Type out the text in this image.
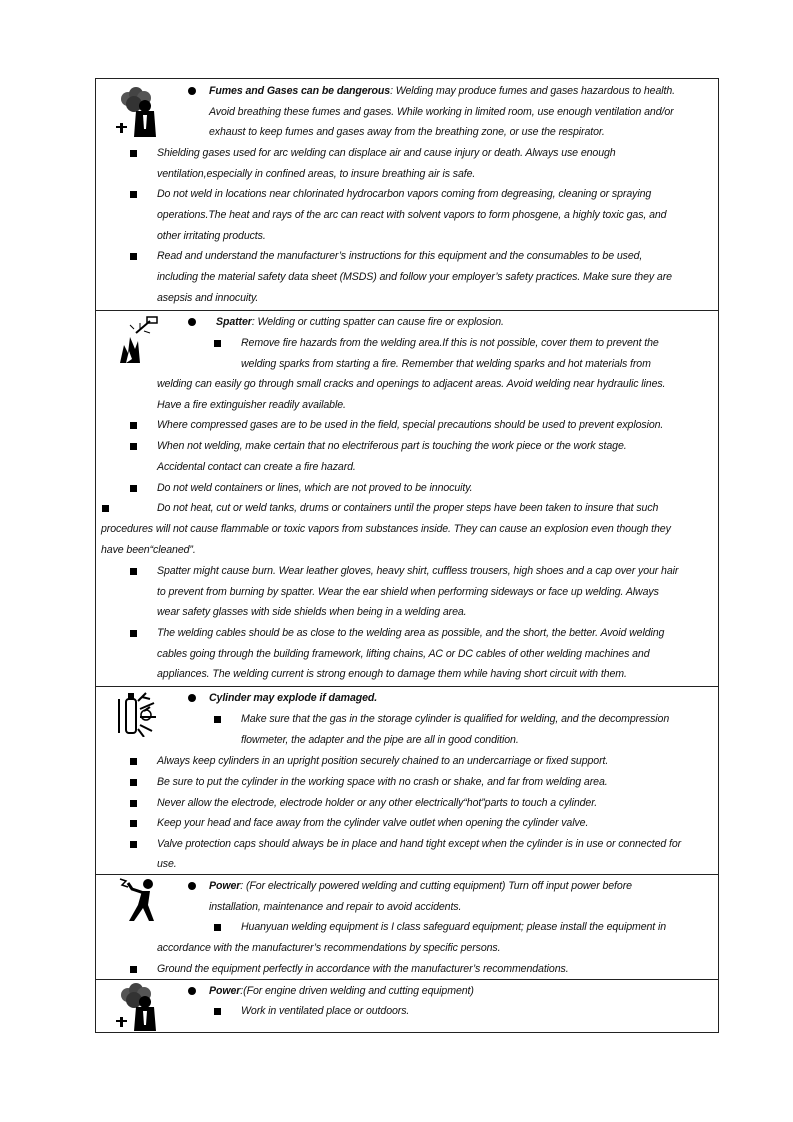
Fumes and Gases can be dangerous: Welding may produce fumes and gases hazardous to health.
Avoid breathing these fumes and gases. While working in limited room, use enough ventilation and/or
exhaust to keep fumes and gases away from the breathing zone, or use the respirator.
Shielding gases used for arc welding can displace air and cause injury or death. Always use enough
ventilation,especially in confined areas, to insure breathing air is safe.
Do not weld in locations near chlorinated hydrocarbon vapors coming from degreasing, cleaning or spraying
operations.The heat and rays of the arc can react with solvent vapors to form phosgene, a highly toxic gas, and
other irritating products.
Read and understand the manufacturer’s instructions for this equipment and the consumables to be used,
including the material safety data sheet (MSDS) and follow your employer’s safety practices. Make sure they are
asepsis and innocuity.
Spatter: Welding or cutting spatter can cause fire or explosion.
Remove fire hazards from the welding area.If this is not possible, cover them to prevent the
welding sparks from starting a fire. Remember that welding sparks and hot materials from
welding can easily go through small cracks and openings to adjacent areas. Avoid welding near hydraulic lines.
Have a fire extinguisher readily available.
Where compressed gases are to be used in the field, special precautions should be used to prevent explosion.
When not welding, make certain that no electriferous part is touching the work piece or the work stage.
Accidental contact can create a fire hazard.
Do not weld containers or lines, which are not proved to be innocuity.
Do not heat, cut or weld tanks, drums or containers until the proper steps have been taken to insure that such
procedures will not cause flammable or toxic vapors from substances inside. They can cause an explosion even though they
have been“cleaned”.
Spatter might cause burn. Wear leather gloves, heavy shirt, cuffless trousers, high shoes and a cap over your hair
to prevent from burning by spatter. Wear the ear shield when performing sideways or face up welding. Always
wear safety glasses with side shields when being in a welding area.
The welding cables should be as close to the welding area as possible, and the short, the better. Avoid welding
cables going through the building framework, lifting chains, AC or DC cables of other welding machines and
appliances. The welding current is strong enough to damage them while having short circuit with them.
Cylinder may explode if damaged.
Make sure that the gas in the storage cylinder is qualified for welding, and the decompression
flowmeter, the adapter and the pipe are all in good condition.
Always keep cylinders in an upright position securely chained to an undercarriage or fixed support.
Be sure to put the cylinder in the working space with no crash or shake, and far from welding area.
Never allow the electrode, electrode holder or any other electrically“hot”parts to touch a cylinder.
Keep your head and face away from the cylinder valve outlet when opening the cylinder valve.
Valve protection caps should always be in place and hand tight except when the cylinder is in use or connected for
use.
Power: (For electrically powered welding and cutting equipment) Turn off input power before
installation, maintenance and repair to avoid accidents.
Huanyuan welding equipment is I class safeguard equipment; please install the equipment in
accordance with the manufacturer’s recommendations by specific persons.
Ground the equipment perfectly in accordance with the manufacturer’s recommendations.
Power:(For engine driven welding and cutting equipment)
Work in ventilated place or outdoors.
